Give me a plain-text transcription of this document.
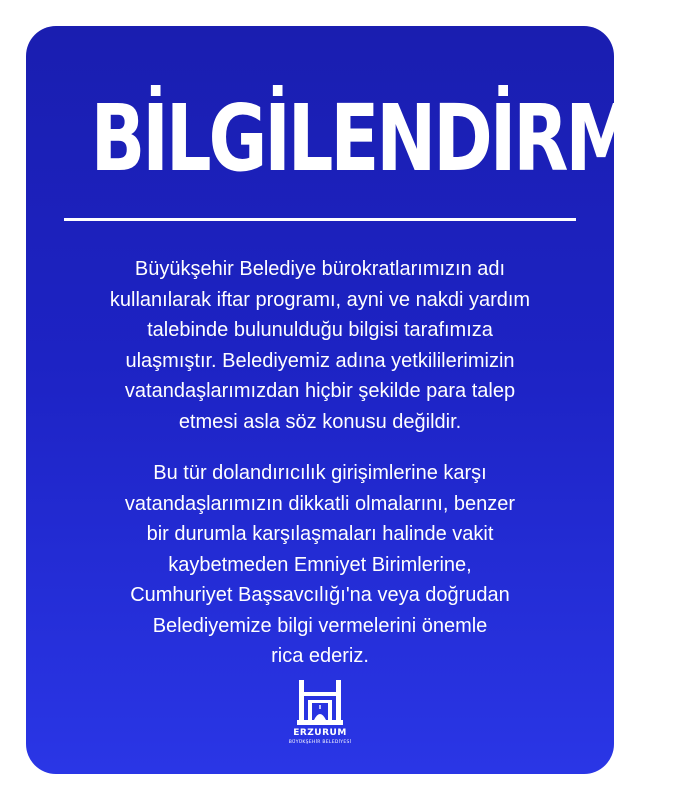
BİLGİLENDİRME
Büyükşehir Belediye bürokratlarımızın adı
kullanılarak iftar programı, ayni ve nakdi yardım
talebinde bulunulduğu bilgisi tarafımıza
ulaşmıştır. Belediyemiz adına yetkililerimizin
vatandaşlarımızdan hiçbir şekilde para talep
etmesi asla söz konusu değildir.
Bu tür dolandırıcılık girişimlerine karşı
vatandaşlarımızın dikkatli olmalarını, benzer
bir durumla karşılaşmaları halinde vakit
kaybetmeden Emniyet Birimlerine,
Cumhuriyet Başsavcılığı'na veya doğrudan
Belediyemize bilgi vermelerini önemle
rica ederiz.
ERZURUM
BÜYÜKŞEHİR BELEDİYESİ
